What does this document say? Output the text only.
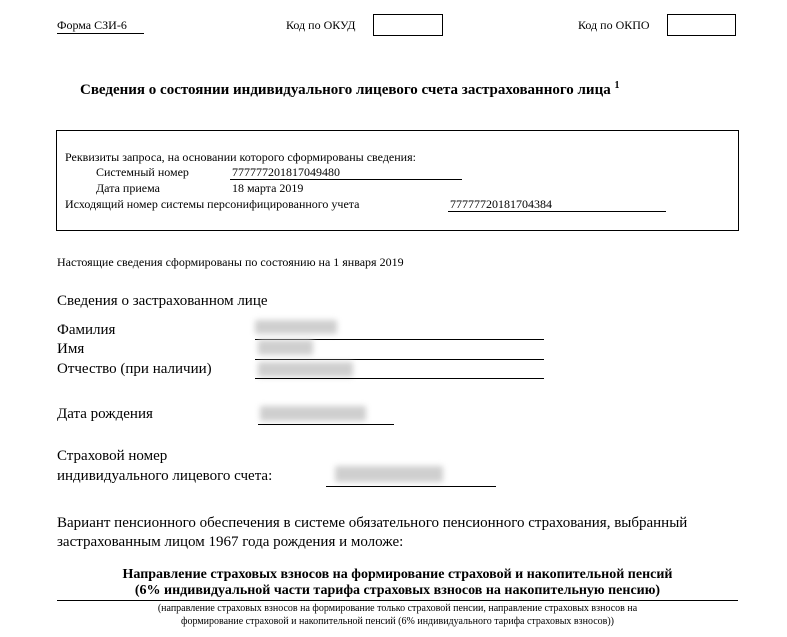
Форма СЗИ-6	Код по ОКУД	Код по ОКПО
Сведения о состоянии индивидуального лицевого счета застрахованного лица $^1$
Реквизиты запроса, на основании которого сформированы сведения:
Системный номер	777777201817049480
Дата приема	18 марта 2019
Исходящий номер системы персонифицированного учета	77777720181704384
Настоящие сведения сформированы по состоянию на 1 января 2019
Сведения о застрахованном лице
Фамилия
Имя
Отчество (при наличии)
Дата рождения
Страховой номер
индивидуального лицевого счета:
Вариант пенсионного обеспечения в системе обязательного пенсионного страхования, выбранный
застрахованным лицом 1967 года рождения и моложе:
Направление страховых взносов на формирование страховой и накопительной пенсий
(6% индивидуальной части тарифа страховых взносов на накопительную пенсию)
(направление страховых взносов на формирование только страховой пенсии, направление страховых взносов на
формирование страховой и накопительной пенсий (6% индивидуального тарифа страховых взносов))
